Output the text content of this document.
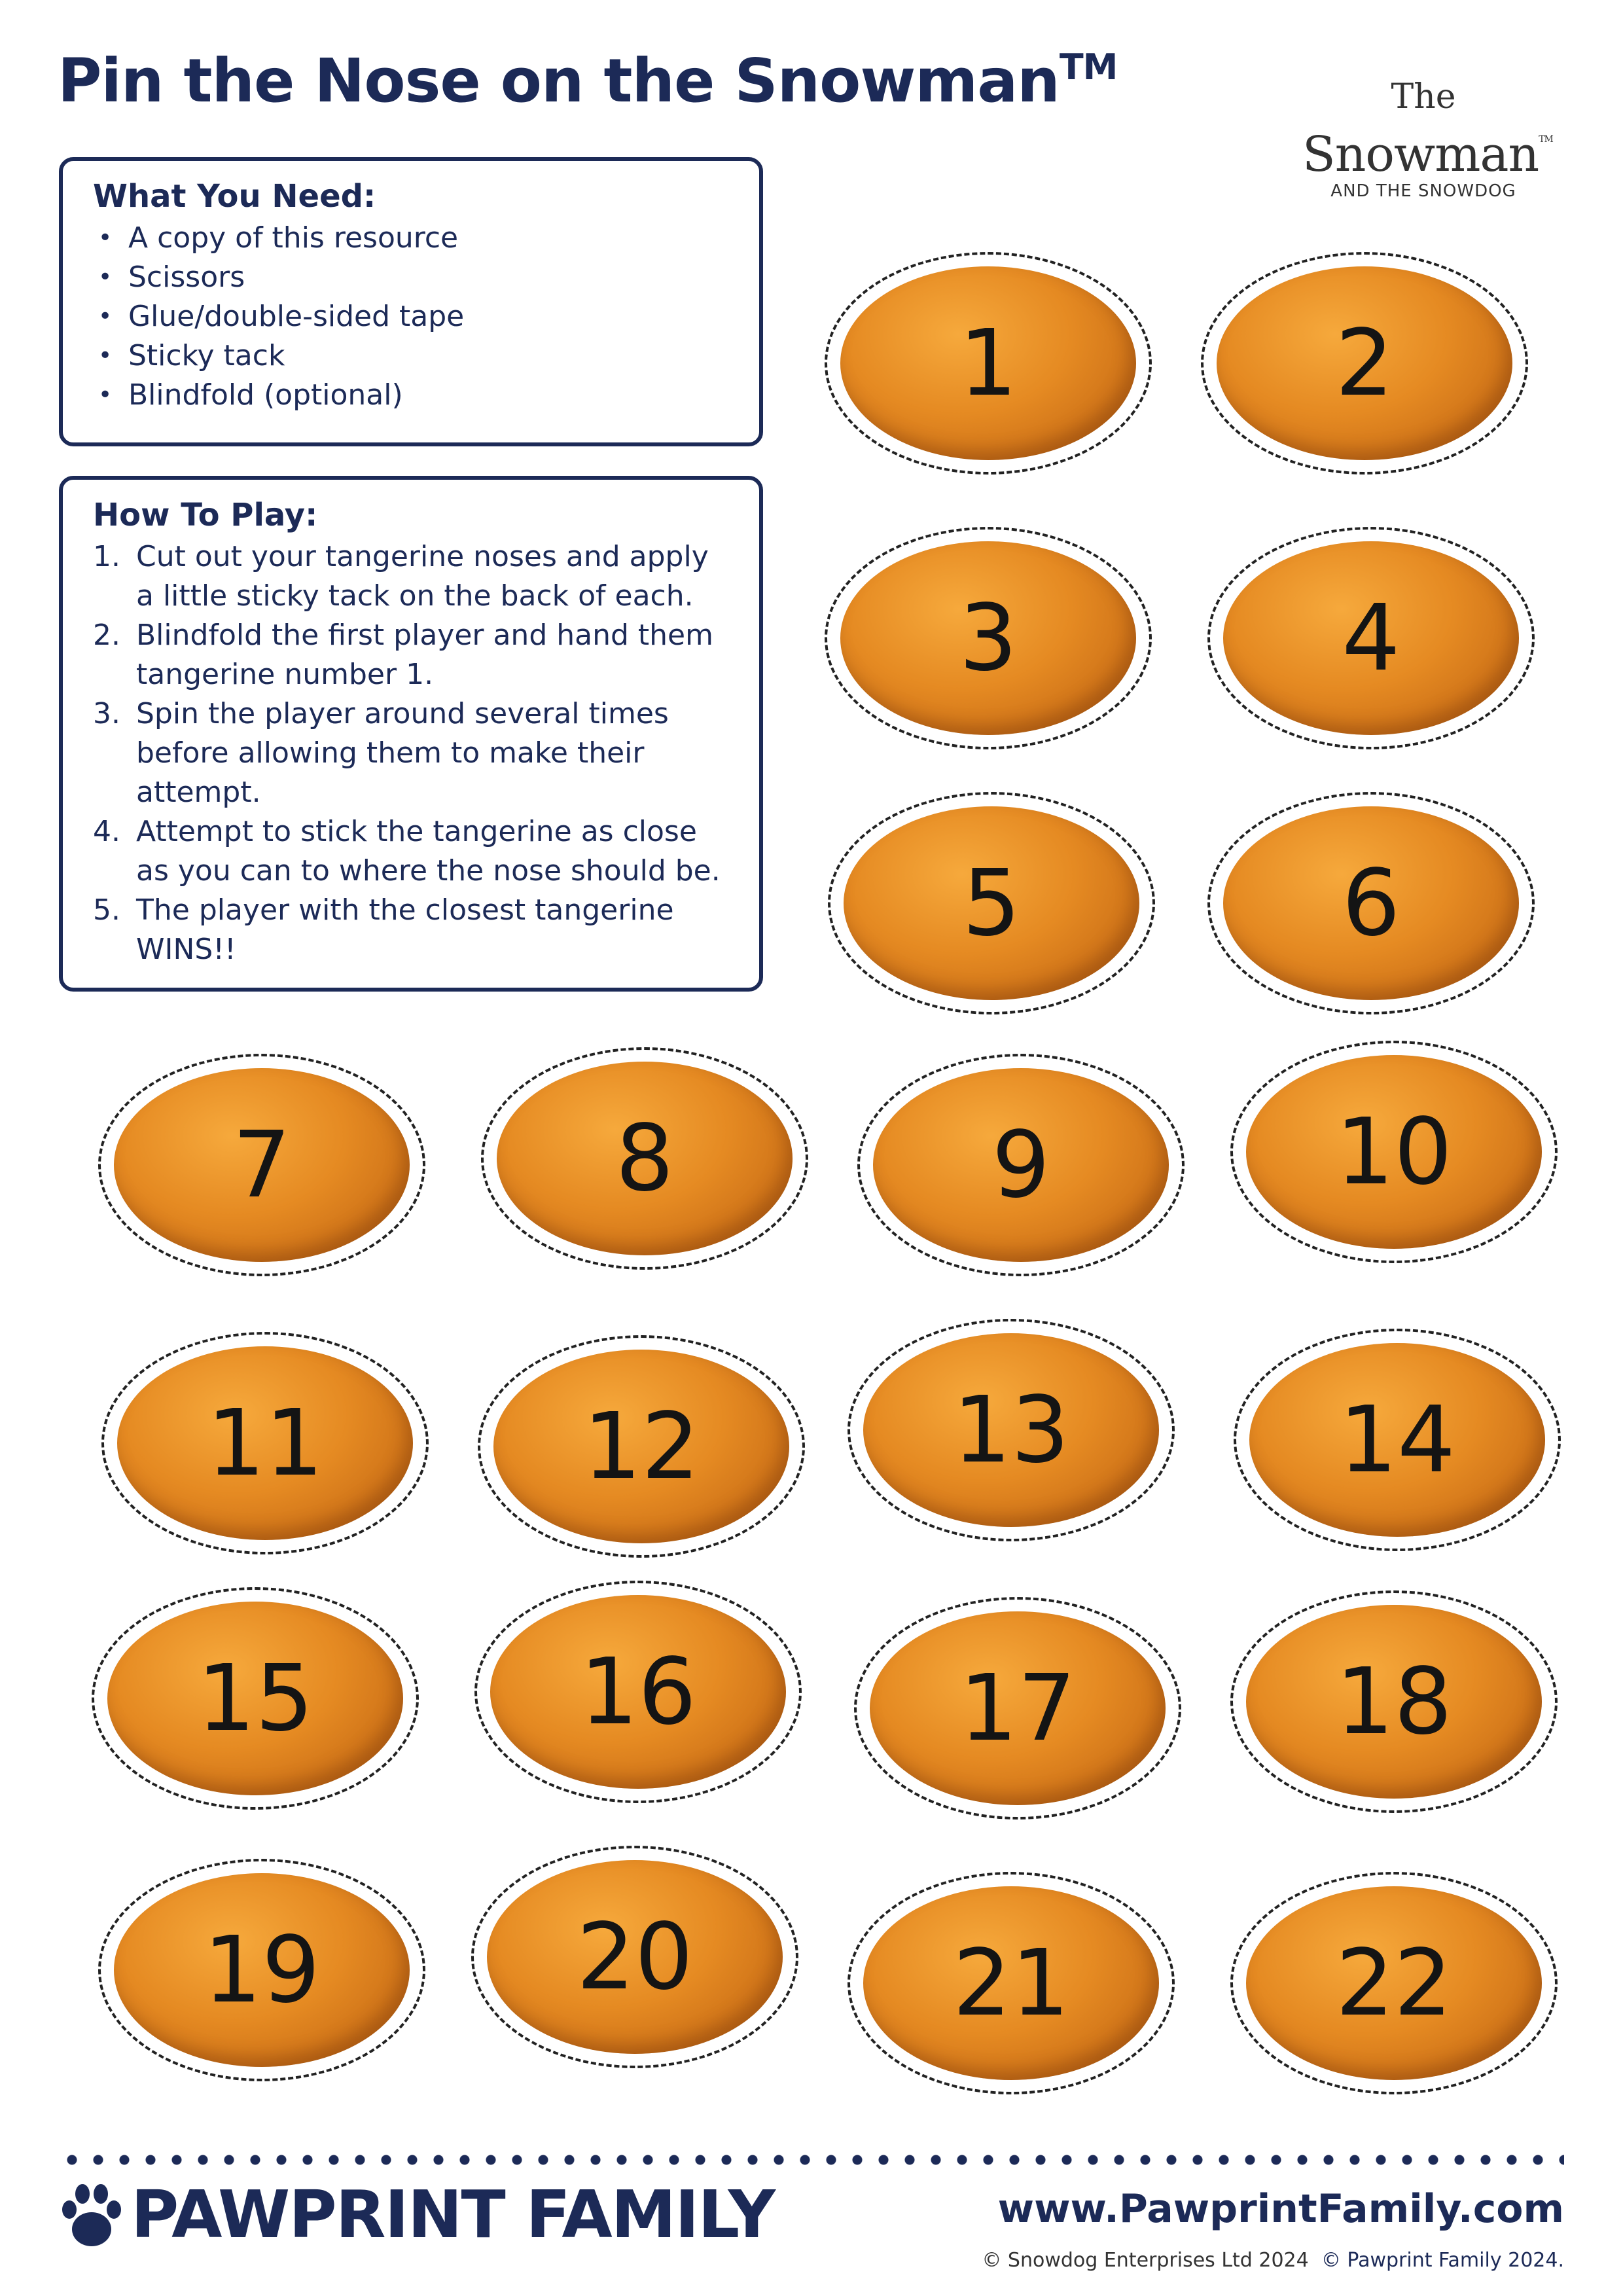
Pin the Nose on the Snowman™
The
Snowman™
AND THE SNOWDOG
What You Need:
• A copy of this resource
• Scissors
• Glue/double-sided tape
• Sticky tack
• Blindfold (optional)
How To Play:
1. Cut out your tangerine noses and apply a little sticky tack on the back of each.
2. Blindfold the first player and hand them tangerine number 1.
3. Spin the player around several times before allowing them to make their attempt.
4. Attempt to stick the tangerine as close as you can to where the nose should be.
5. The player with the closest tangerine WINS!!
1	2
3	4
5	6
7	8	9	10
11	12	13	14
15	16	17	18
19	20	21	22
PAWPRINT FAMILY	www.PawprintFamily.com
© Snowdog Enterprises Ltd 2024 © Pawprint Family 2024.
